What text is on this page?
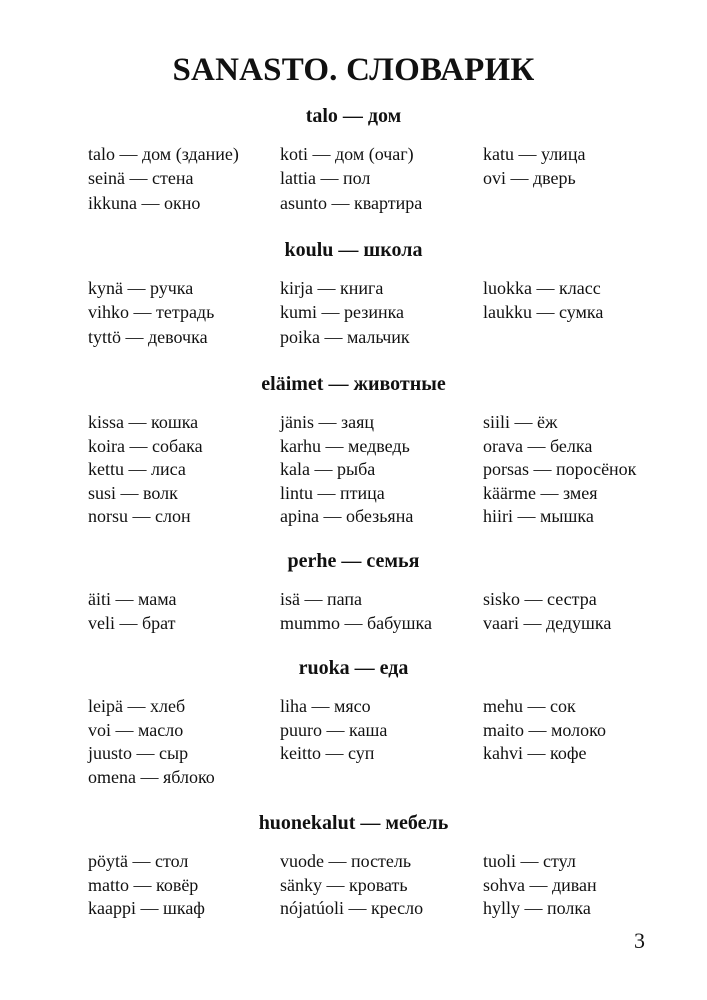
SANASTO. СЛОВАРИК
talo — дом
talo — дом (здание)
seinä — стена
ikkuna — окно
koti — дом (очаг)
lattia — пол
asunto — квартира
katu — улица
ovi — дверь
koulu — школа
kynä — ручка
vihko — тетрадь
tyttö — девочка
kirja — книга
kumi — резинка
poika — мальчик
luokka — класс
laukku — сумка
eläimet — животные
kissa — кошка
koira — собака
kettu — лиса
susi — волк
norsu — слон
jänis — заяц
karhu — медведь
kala — рыба
lintu — птица
apina — обезьяна
siili — ёж
orava — белка
porsas — поросёнок
käärme — змея
hiiri — мышка
perhe — семья
äiti — мама
veli — брат
isä — папа
mummo — бабушка
sisko — сестра
vaari — дедушка
ruoka — еда
leipä — хлеб
voi — масло
juusto — сыр
omena — яблоко
liha — мясо
puuro — каша
keitto — суп
mehu — сок
maito — молоко
kahvi — кофе
huonekalut — мебель
pöytä — стол
matto — ковёр
kaappi — шкаф
vuode — постель
sänky — кровать
nójatúoli — кресло
tuoli — стул
sohva — диван
hylly — полка
3
